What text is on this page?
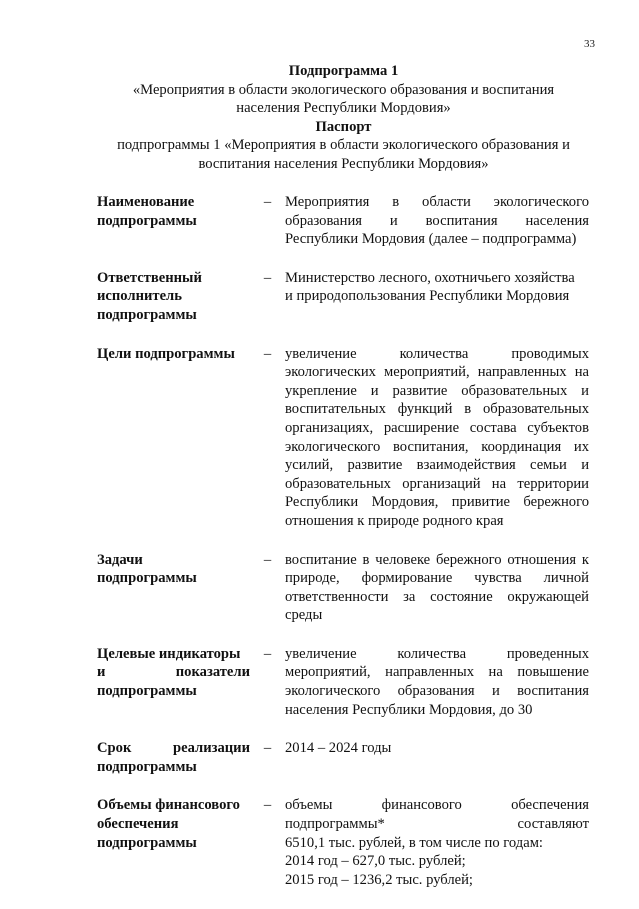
33
Подпрограмма 1
«Мероприятия в области экологического образования и воспитания
населения Республики Мордовия»
Паспорт
подпрограммы 1 «Мероприятия в области экологического образования и
воспитания населения Республики Мордовия»
Наименование
подпрограммы
– Мероприятия в области экологического
образования и воспитания населения
Республики Мордовия (далее – подпрограмма)
Ответственный
исполнитель
подпрограммы
– Министерство лесного, охотничьего хозяйства
и природопользования Республики Мордовия
Цели подпрограммы	– увеличение количества проводимых
экологических мероприятий, направленных на
укрепление и развитие образовательных и
воспитательных функций в образовательных
организациях, расширение состава субъектов
экологического воспитания, координация их
усилий, развитие взаимодействия семьи и
образовательных организаций на территории
Республики Мордовия, привитие бережного
отношения к природе родного края
Задачи
подпрограммы
– воспитание в человеке бережного отношения к
природе, формирование чувства личной
ответственности за состояние окружающей
среды
Целевые индикаторы
и показатели
подпрограммы
– увеличение количества проведенных
мероприятий, направленных на повышение
экологического образования и воспитания
населения Республики Мордовия, до 30
Срок реализации
подпрограммы
– 2014 – 2024 годы
Объемы финансового
обеспечения
подпрограммы
– объемы финансового обеспечения
подпрограммы* составляют
6510,1 тыс. рублей, в том числе по годам:
2014 год – 627,0 тыс. рублей;
2015 год – 1236,2 тыс. рублей;
